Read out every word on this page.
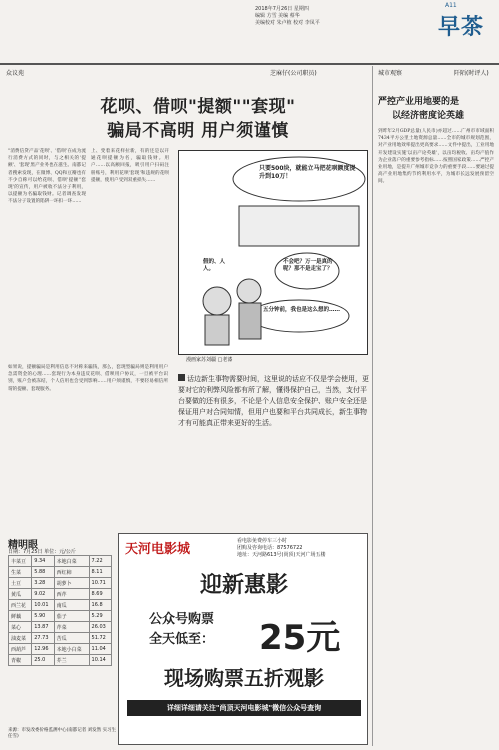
2018年7月26日 星期四
编辑 方雪 美编 蔡华
美编校对 朱卢植 校对 李凤平
A11
早茶
众议苑	芝麻仔(公司职员)	城市观察	阡陌(时评人)
花呗、借呗"提额""套现"
骗局不高明 用户须谨慎
"消费信贷产品'花呗'、'借呗'在成为流行消费方式的同时，与之相关的'提额'、'套现'黑产业务也在滋生。南都记者搜索发现，在微博、QQ和豆瓣也有不少自称可以给花呗、借呗'提额''套现'的宣传，用户被收不法分子利用，以提额为名骗取钱财。记者调查发现不法分子设置的陷阱一环扣一环……
上、变着来花样拉新，有的还是以开通花呗提额为名，骗取钱财。用户……以高额回报，吸引用户扫码注册账号，利用花呗'套现'和违规的花呗提额，使用户受到双重损失……
只要500块，就能立马把花呗额度提升到10万！
不会吧？万一是真的呢？那不是走宝了？
假的、人人。
五分钟前，我也是这么想的……
漫画家苏刘疆 □老漆
如果说，提额骗局是利用信息不对称来骗钱，那么，套现型骗局则是利用用户急需资金的心理……套现行为本身违反花呗、借呗用户协议，一旦被平台识别，账户会被冻结，个人信用也会受到影响……用户须谨慎，不要轻易相信所谓的提额、套现服务。
话边新生事物需要时间，这里说的话应不仅是学会使用，更要对它的利弊风险都有所了解，懂得保护自己，当然，支付平台要做的还有很多，不论是个人信息安全保护、账户安全还是保证用户对合同知情，但用户也要和平台共同成长，新生事物才有可能真正带来更好的生活。
精明眼
日期：7月25日 单位：元/公斤
丰菜豆	9.34	本地白菜	7.22
生菜	5.88	西红柿	8.11
土豆	3.28	胡萝卜	10.71
黄瓜	9.02	西芹	8.69
西兰花	10.01	南瓜	16.8
鲜藕	5.90	茄子	5.29
菜心	13.87	芹菜	26.03
油麦菜	27.73	苦瓜	51.72
西葫芦	12.96	本地小白菜	11.04
青椒	25.0	芥兰	10.14
来源：市发改委价格监测中心(南都记者 刘发然 实习生 任雪)
天河电影城
看电影免费停车三小时
团购及咨询电话：87576722
地址：天河路613号(尚顶)天河广场五楼
迎新惠影
公众号购票
全天低至： 25元
现场购票五折观影
详细详细请关注"尚顶天河电影城"微信公众号查询
严控产业用地要的是
以经济密度论英雄
到昨年2月GDP总量(人民币)亦超过……广州市市域面积7434平方公里土地资源总量……全市的城市规划范围，对产业用地效率提出更高要求……文件中提出，工业用地开发建设实施'以亩产论英雄'，以亩均税收、亩均产值作为企业落户的重要参考指标……按照国家政策……严控产业用地，是提升广州城市竞争力的重要手段……要通过提高产业用地集约节约利用水平，为城市长远发展预留空间。
